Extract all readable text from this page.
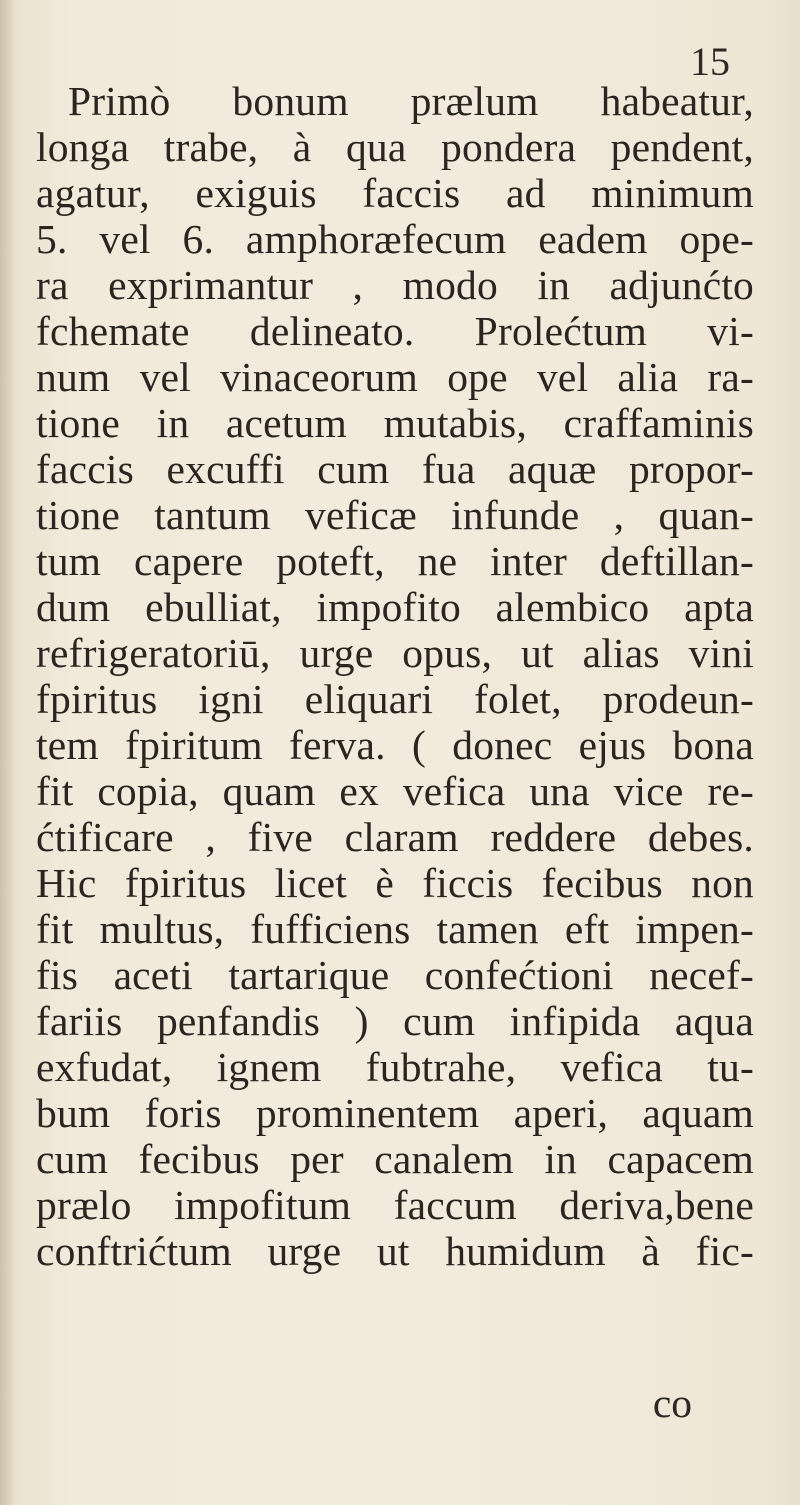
15
Primò bonum prælum habeatur,
longa trabe, à qua pondera pendent,
agatur, exiguis faccis ad minimum
5. vel 6. amphoræfecum eadem ope-
ra exprimantur , modo in adjunćto
fchemate delineato. Prolećtum vi-
num vel vinaceorum ope vel alia ra-
tione in acetum mutabis, craffaminis
faccis excuffi cum fua aquæ propor-
tione tantum veficæ infunde , quan-
tum capere poteft, ne inter deftillan-
dum ebulliat, impofito alembico apta
refrigeratoriū, urge opus, ut alias vini
fpiritus igni eliquari folet, prodeun-
tem fpiritum ferva. ( donec ejus bona
fit copia, quam ex vefica una vice re-
ćtificare , five claram reddere debes.
Hic fpiritus licet è ficcis fecibus non
fit multus, fufficiens tamen eft impen-
fis aceti tartarique confećtioni necef-
fariis penfandis ) cum infipida aqua
exfudat, ignem fubtrahe, vefica tu-
bum foris prominentem aperi, aquam
cum fecibus per canalem in capacem
prælo impofitum faccum deriva,bene
conftrićtum urge ut humidum à fic-
co
